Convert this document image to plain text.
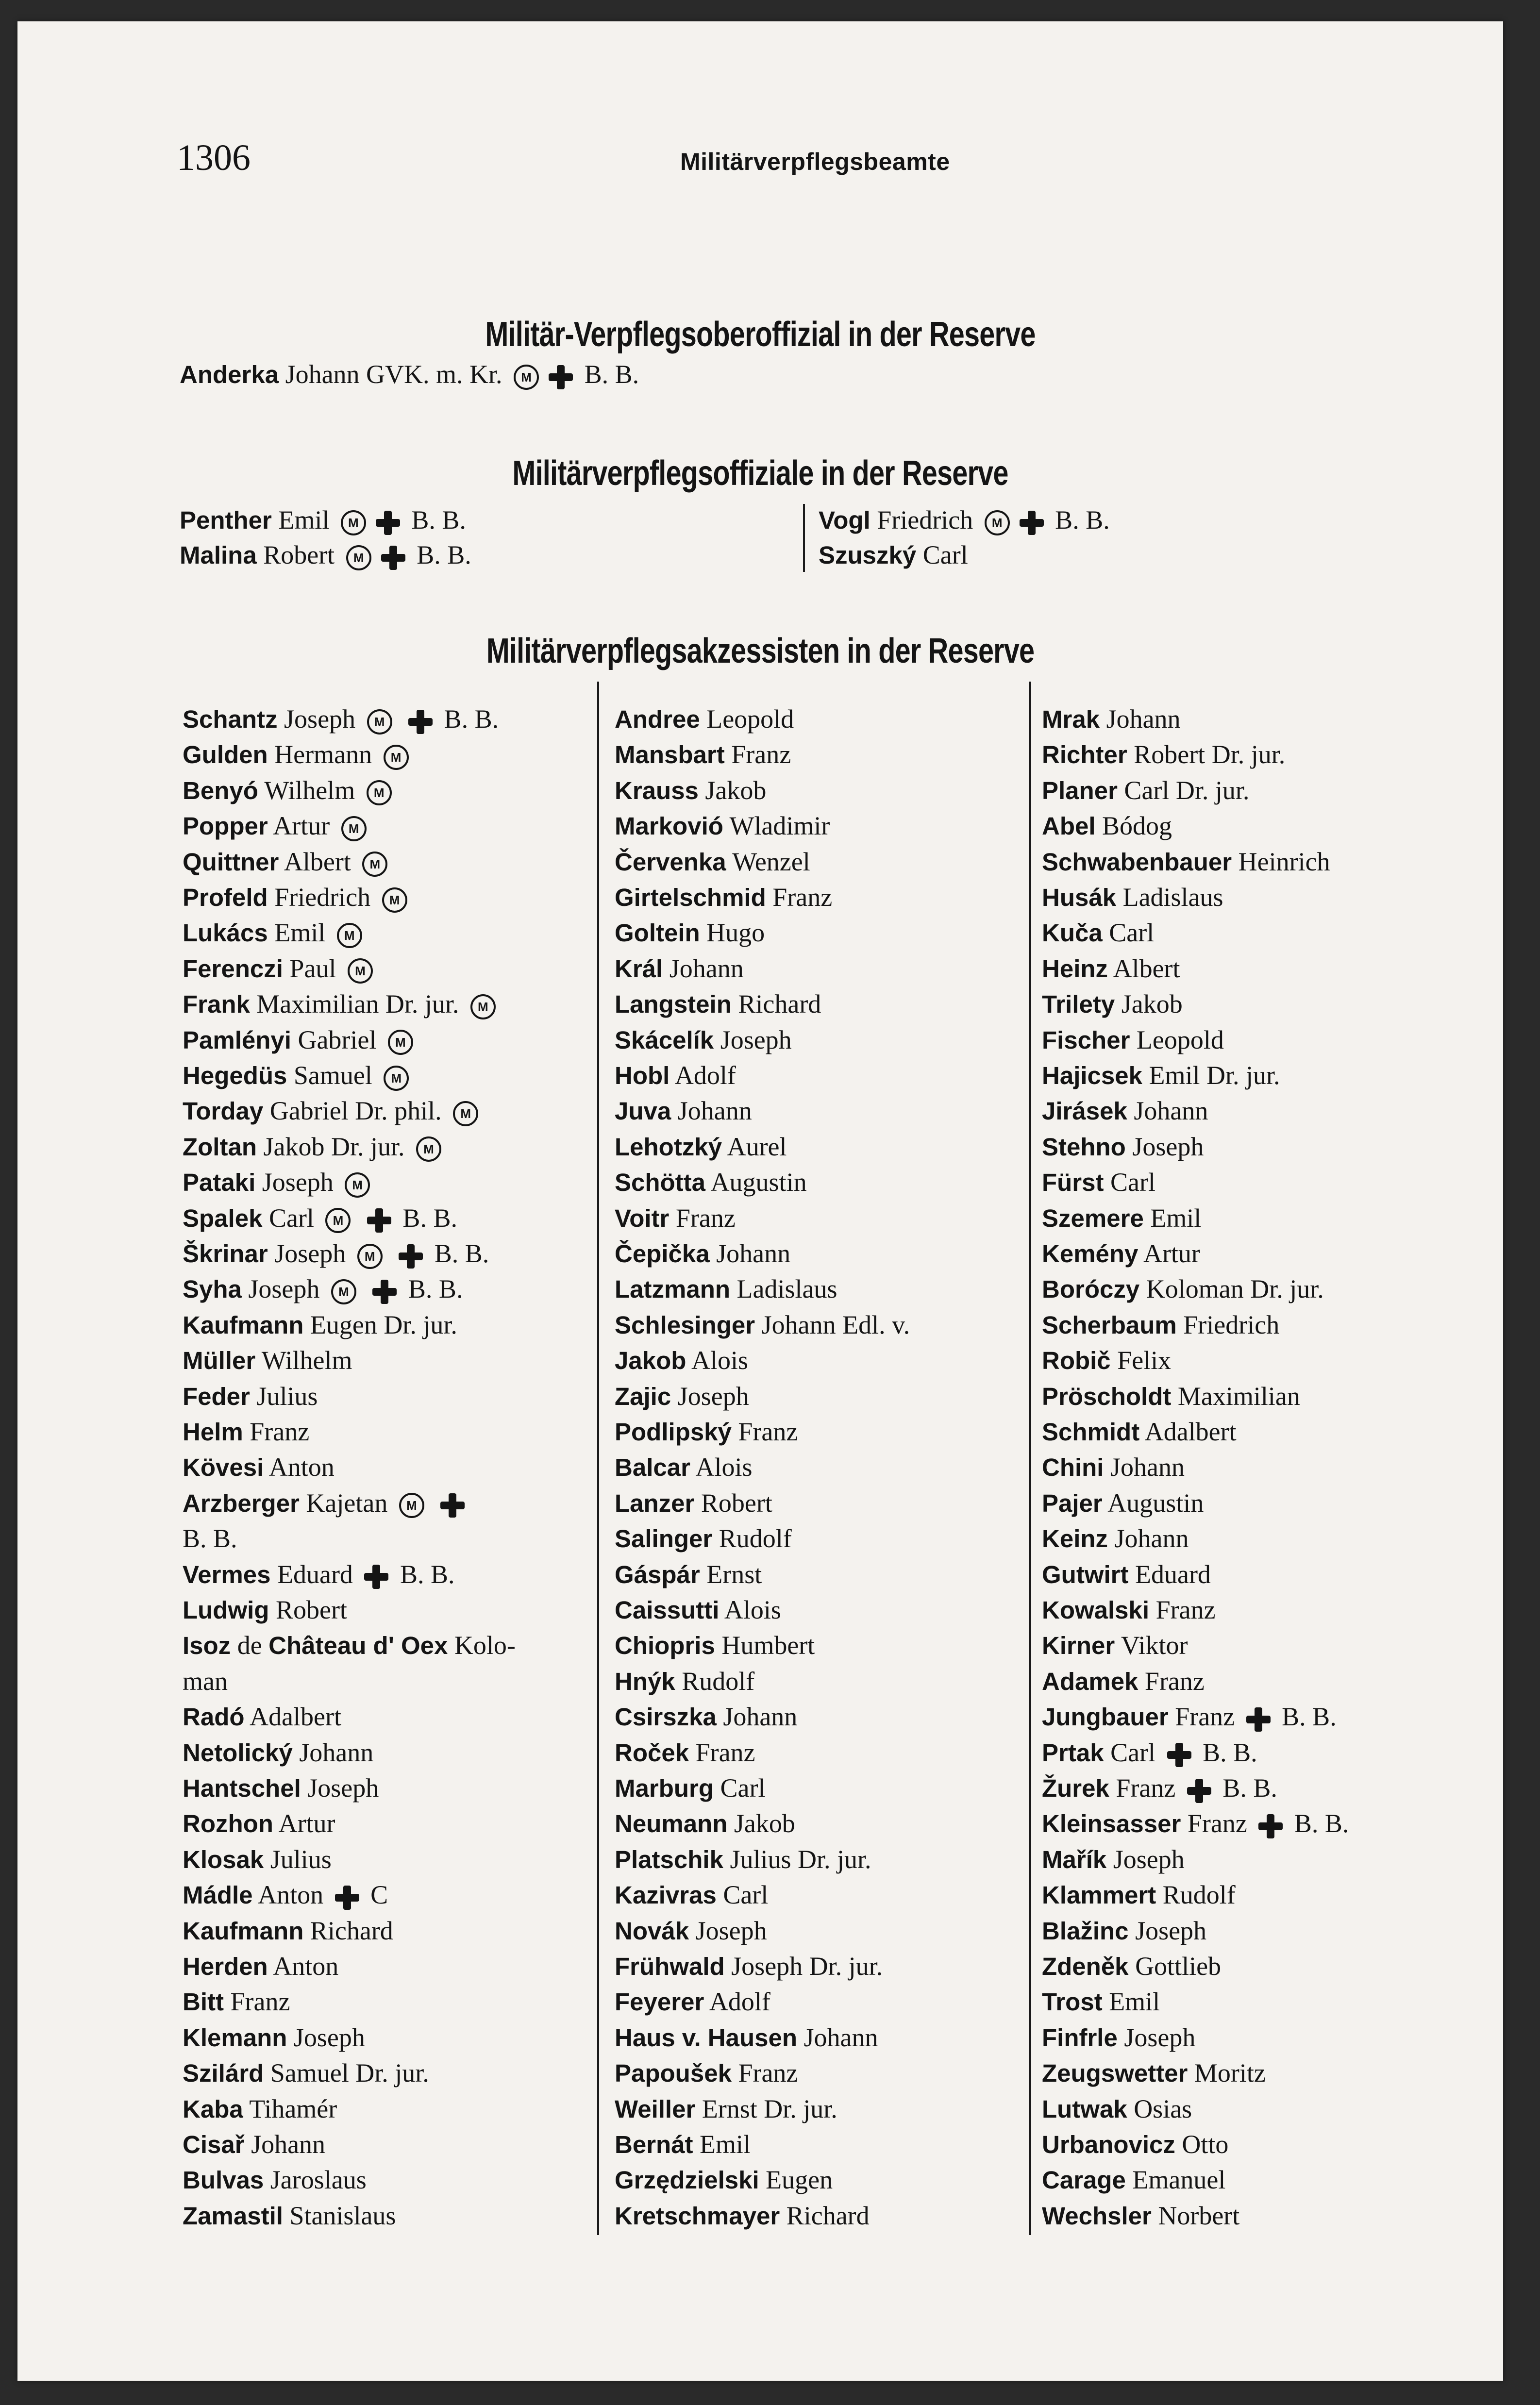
1306	Militärverpflegsbeamte
Militär-Verpflegsoberoffizial in der Reserve
Anderka Johann GVK. m. Kr. M B. B.
Militärverpflegsoffiziale in der Reserve
Penther Emil M B. B.
Malina Robert M B. B.
Vogl Friedrich M B. B.
Szuszký Carl
Militärverpflegsakzessisten in der Reserve
Schantz Joseph M B. B.
Gulden Hermann M
Benyó Wilhelm M
Popper Artur M
Quittner Albert M
Profeld Friedrich M
Lukács Emil M
Ferenczi Paul M
Frank Maximilian Dr. jur. M
Pamlényi Gabriel M
Hegedüs Samuel M
Torday Gabriel Dr. phil. M
Zoltan Jakob Dr. jur. M
Pataki Joseph M
Spalek Carl M B. B.
Škrinar Joseph M B. B.
Syha Joseph M B. B.
Kaufmann Eugen Dr. jur.
Müller Wilhelm
Feder Julius
Helm Franz
Kövesi Anton
Arzberger Kajetan M
B. B.
Vermes Eduard B. B.
Ludwig Robert
Isoz de Château d' Oex Kolo-
man
Radó Adalbert
Netolický Johann
Hantschel Joseph
Rozhon Artur
Klosak Julius
Mádle Anton C
Kaufmann Richard
Herden Anton
Bitt Franz
Klemann Joseph
Szilárd Samuel Dr. jur.
Kaba Tihamér
Cisař Johann
Bulvas Jaroslaus
Zamastil Stanislaus
Andree Leopold
Mansbart Franz
Krauss Jakob
Markovió Wladimir
Červenka Wenzel
Girtelschmid Franz
Goltein Hugo
Král Johann
Langstein Richard
Skácelík Joseph
Hobl Adolf
Juva Johann
Lehotzký Aurel
Schötta Augustin
Voitr Franz
Čepička Johann
Latzmann Ladislaus
Schlesinger Johann Edl. v.
Jakob Alois
Zajic Joseph
Podlipský Franz
Balcar Alois
Lanzer Robert
Salinger Rudolf
Gáspár Ernst
Caissutti Alois
Chiopris Humbert
Hnýk Rudolf
Csirszka Johann
Roček Franz
Marburg Carl
Neumann Jakob
Platschik Julius Dr. jur.
Kazivras Carl
Novák Joseph
Frühwald Joseph Dr. jur.
Feyerer Adolf
Haus v. Hausen Johann
Papoušek Franz
Weiller Ernst Dr. jur.
Bernát Emil
Grzędzielski Eugen
Kretschmayer Richard
Mrak Johann
Richter Robert Dr. jur.
Planer Carl Dr. jur.
Abel Bódog
Schwabenbauer Heinrich
Husák Ladislaus
Kuča Carl
Heinz Albert
Trilety Jakob
Fischer Leopold
Hajicsek Emil Dr. jur.
Jirásek Johann
Stehno Joseph
Fürst Carl
Szemere Emil
Kemény Artur
Boróczy Koloman Dr. jur.
Scherbaum Friedrich
Robič Felix
Pröscholdt Maximilian
Schmidt Adalbert
Chini Johann
Pajer Augustin
Keinz Johann
Gutwirt Eduard
Kowalski Franz
Kirner Viktor
Adamek Franz
Jungbauer Franz B. B.
Prtak Carl B. B.
Žurek Franz B. B.
Kleinsasser Franz B. B.
Mařík Joseph
Klammert Rudolf
Blažinc Joseph
Zdeněk Gottlieb
Trost Emil
Finfrle Joseph
Zeugswetter Moritz
Lutwak Osias
Urbanovicz Otto
Carage Emanuel
Wechsler Norbert
